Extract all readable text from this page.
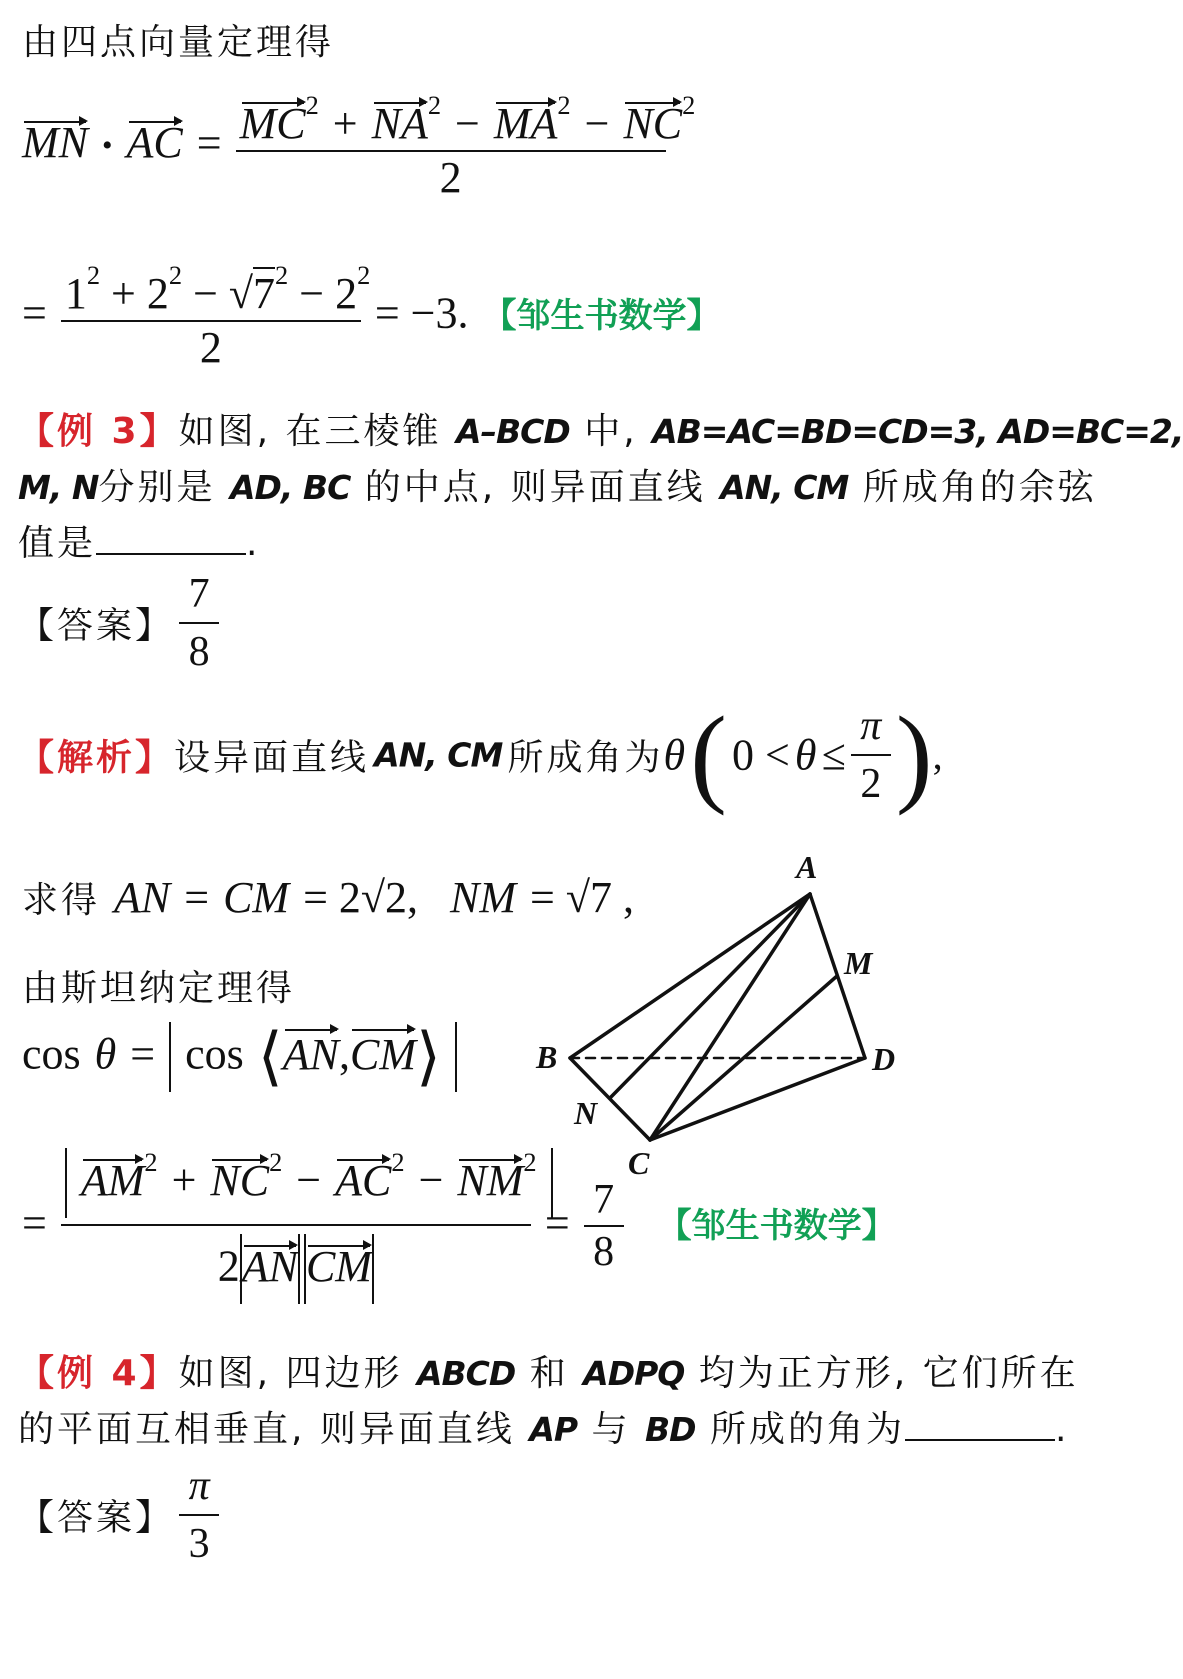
由四点向量定理得
MN • AC = $\frac{MC^2 + NA^2 - MA^2 - NC^2}{2}$
= $\frac{1^2 + 2^2 - √7^2 - 2^2}{2} = -3$. 【邹生书数学】
【例 3】如图, 在三棱锥 A–BCD 中, AB=AC=BD=CD=3, AD=BC=2,
M, N分别是 AD, BC 的中点, 则异面直线 AN, CM 所成角的余弦
值是	.
【答案】 $\frac{7}{8}$
【解析】设异面直线 AN, CM 所成角为θ ( $0 < \theta \le \frac{\pi}{2}$ ),
求得 AN = CM = 2√2, NM = √7 ,
由斯坦纳定理得
cos θ = cos ⟨AN,CM⟩
= $\frac{AM^2 + NC^2 - AC^2 - NM^2}{\text{2AN CM}} = \frac{7}{8}$ 【邹生书数学】
A
M
B	D
N
C
【例 4】如图, 四边形 ABCD 和 ADPQ 均为正方形, 它们所在
的平面互相垂直, 则异面直线 AP 与 BD 所成的角为	.
【答案】 $\frac{\pi}{3}$
